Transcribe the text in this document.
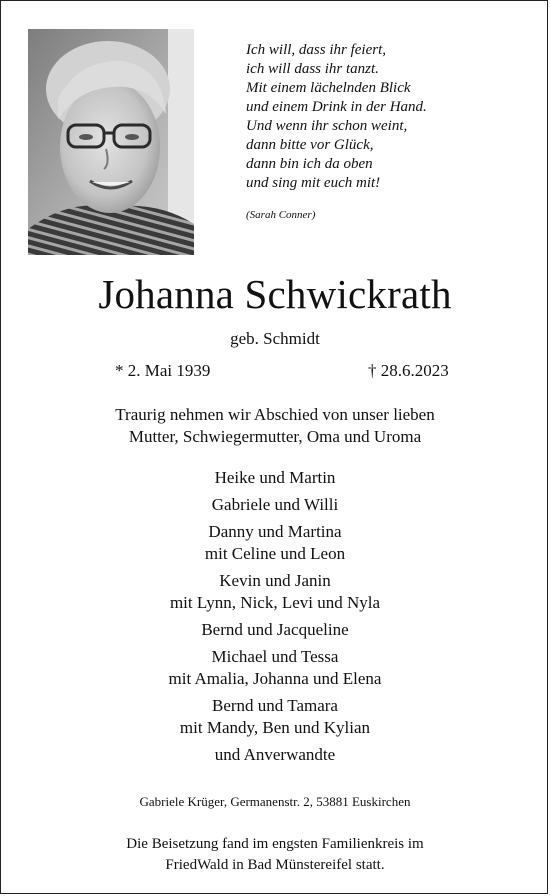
Ich will, dass ihr feiert,
ich will dass ihr tanzt.
Mit einem lächelnden Blick
und einem Drink in der Hand.
Und wenn ihr schon weint,
dann bitte vor Glück,
dann bin ich da oben
und sing mit euch mit!
(Sarah Conner)
Johanna Schwickrath
geb. Schmidt
* 2. Mai 1939	† 28.6.2023
Traurig nehmen wir Abschied von unser lieben
Mutter, Schwiegermutter, Oma und Uroma
Heike und Martin
Gabriele und Willi
Danny und Martina
mit Celine und Leon
Kevin und Janin
mit Lynn, Nick, Levi und Nyla
Bernd und Jacqueline
Michael und Tessa
mit Amalia, Johanna und Elena
Bernd und Tamara
mit Mandy, Ben und Kylian
und Anverwandte
Gabriele Krüger, Germanenstr. 2, 53881 Euskirchen
Die Beisetzung fand im engsten Familienkreis im
FriedWald in Bad Münstereifel statt.
